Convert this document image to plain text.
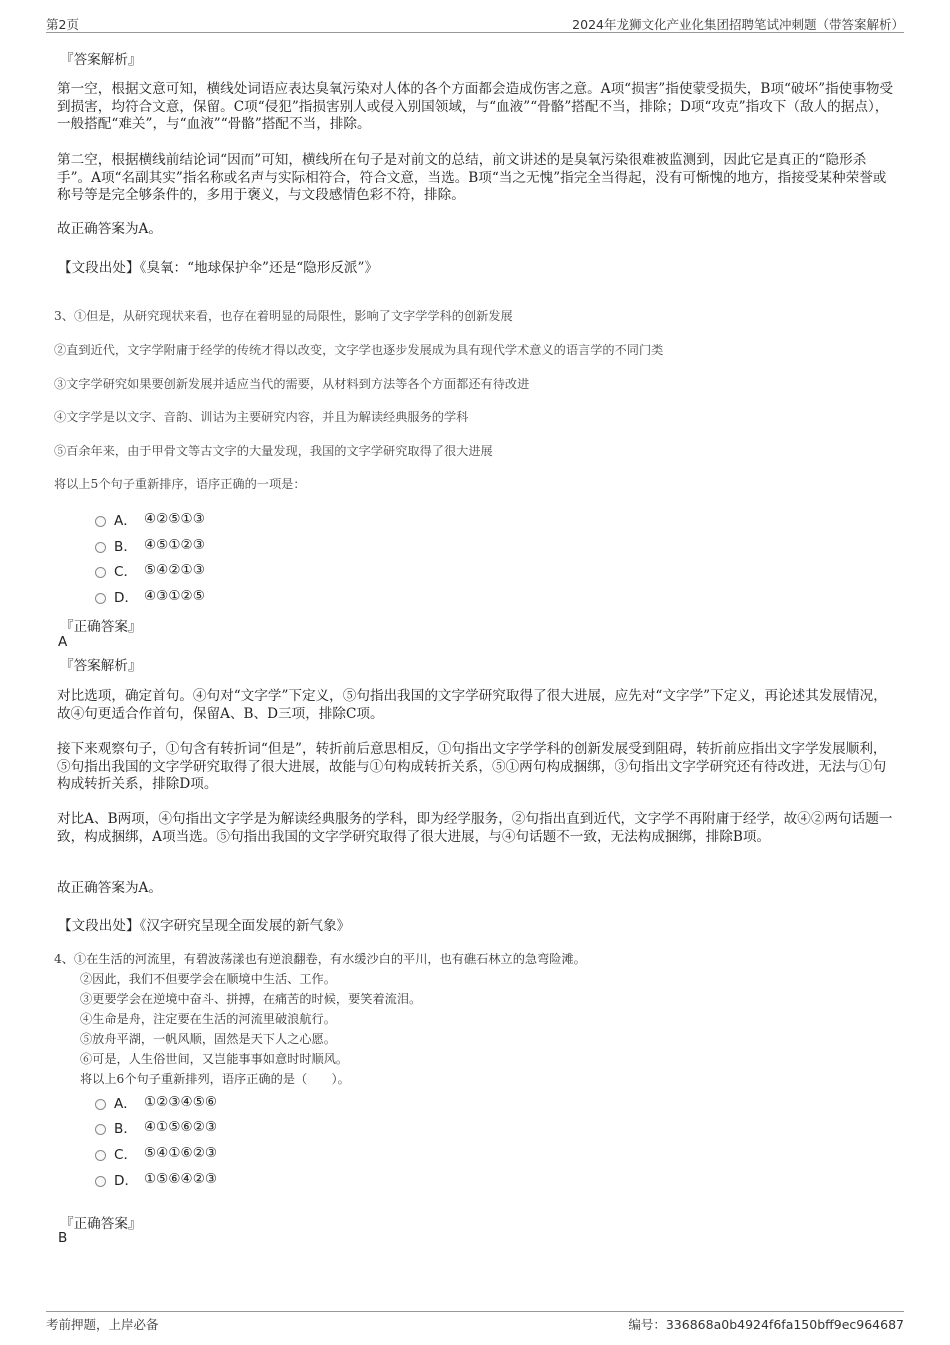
第2页	2024年龙狮文化产业化集团招聘笔试冲刺题（带答案解析）
『答案解析』
第一空，根据文意可知，横线处词语应表达臭氧污染对人体的各个方面都会造成伤害之意。A项“损害”指使蒙受损失，B项“破坏”指使事物受到损害，均符合文意，保留。C项“侵犯”指损害别人或侵入别国领域，与“血液”“骨骼”搭配不当，排除；D项“攻克”指攻下（敌人的据点），一般搭配“难关”，与“血液”“骨骼”搭配不当，排除。
第二空，根据横线前结论词“因而”可知，横线所在句子是对前文的总结，前文讲述的是臭氧污染很难被监测到，因此它是真正的“隐形杀手”。A项“名副其实”指名称或名声与实际相符合，符合文意，当选。B项“当之无愧”指完全当得起，没有可惭愧的地方，指接受某种荣誉或称号等是完全够条件的，多用于褒义，与文段感情色彩不符，排除。
故正确答案为A。
【文段出处】《臭氧：“地球保护伞”还是“隐形反派”》
3、①但是，从研究现状来看，也存在着明显的局限性，影响了文字学学科的创新发展
②直到近代，文字学附庸于经学的传统才得以改变，文字学也逐步发展成为具有现代学术意义的语言学的不同门类
③文字学研究如果要创新发展并适应当代的需要，从材料到方法等各个方面都还有待改进
④文字学是以文字、音韵、训诂为主要研究内容，并且为解读经典服务的学科
⑤百余年来，由于甲骨文等古文字的大量发现，我国的文字学研究取得了很大进展
将以上5个句子重新排序，语序正确的一项是：
A． ④②⑤①③
B． ④⑤①②③
C． ⑤④②①③
D． ④③①②⑤
『正确答案』
A
『答案解析』
对比选项，确定首句。④句对“文字学”下定义，⑤句指出我国的文字学研究取得了很大进展，应先对“文字学”下定义，再论述其发展情况，故④句更适合作首句，保留A、B、D三项，排除C项。
接下来观察句子，①句含有转折词“但是”，转折前后意思相反，①句指出文字学学科的创新发展受到阻碍，转折前应指出文字学发展顺利，⑤句指出我国的文字学研究取得了很大进展，故能与①句构成转折关系，⑤①两句构成捆绑，③句指出文字学研究还有待改进，无法与①句构成转折关系，排除D项。
对比A、B两项，④句指出文字学是为解读经典服务的学科，即为经学服务，②句指出直到近代，文字学不再附庸于经学，故④②两句话题一致，构成捆绑，A项当选。⑤句指出我国的文字学研究取得了很大进展，与④句话题不一致，无法构成捆绑，排除B项。
故正确答案为A。
【文段出处】《汉字研究呈现全面发展的新气象》
4、①在生活的河流里，有碧波荡漾也有逆浪翻卷，有水缓沙白的平川，也有礁石林立的急弯险滩。
②因此，我们不但要学会在顺境中生活、工作。
③更要学会在逆境中奋斗、拼搏，在痛苦的时候，要笑着流泪。
④生命是舟，注定要在生活的河流里破浪航行。
⑤放舟平湖，一帆风顺，固然是天下人之心愿。
⑥可是，人生俗世间，又岂能事事如意时时顺风。
将以上6个句子重新排列，语序正确的是（　　）。
A． ①②③④⑤⑥
B． ④①⑤⑥②③
C． ⑤④①⑥②③
D． ①⑤⑥④②③
『正确答案』
B
考前押题，上岸必备	编号：336868a0b4924f6fa150bff9ec964687
